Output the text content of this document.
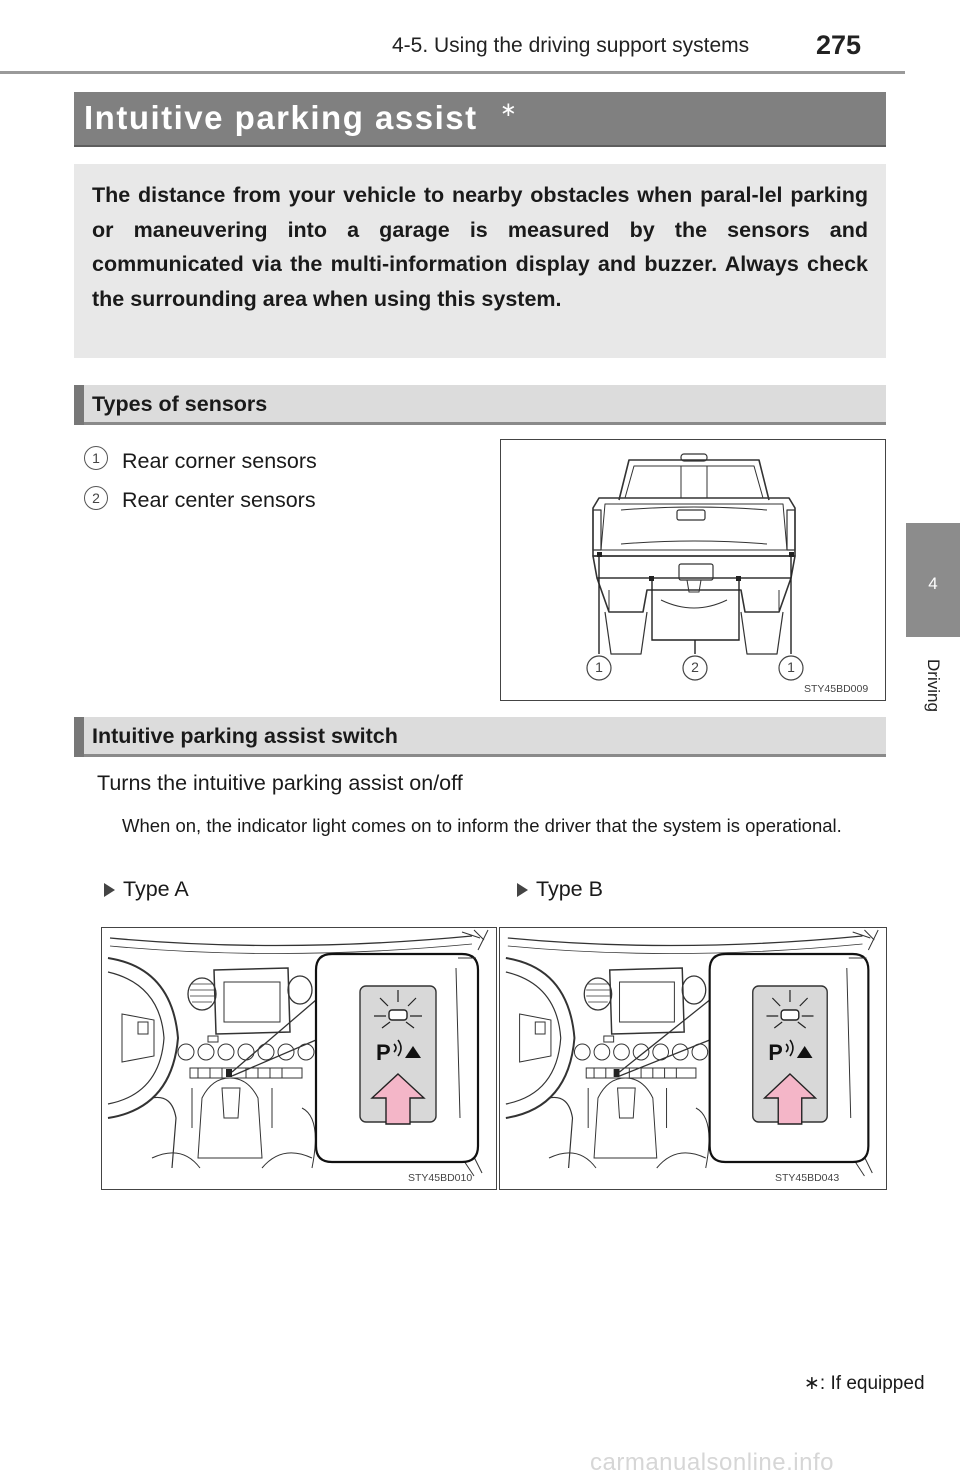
4-5. Using the driving support systems 275
4
Driving
Intuitive parking assist ∗

The distance from your vehicle to nearby obstacles when paral-lel parking or maneuvering into a garage is measured by the sensors and communicated via the multi-information display and buzzer. Always check the surrounding area when using this system.

Types of sensors
1	Rear corner sensors
2	Rear center sensors
1	2	1
STY45BD009
Intuitive parking assist switch
Turns the intuitive parking assist on/off
When on, the indicator light comes on to inform the driver that the system is operational.
Type A	Type B
P
STY45BD010
P
STY45BD043
∗: If equipped
carmanualsonline.info
